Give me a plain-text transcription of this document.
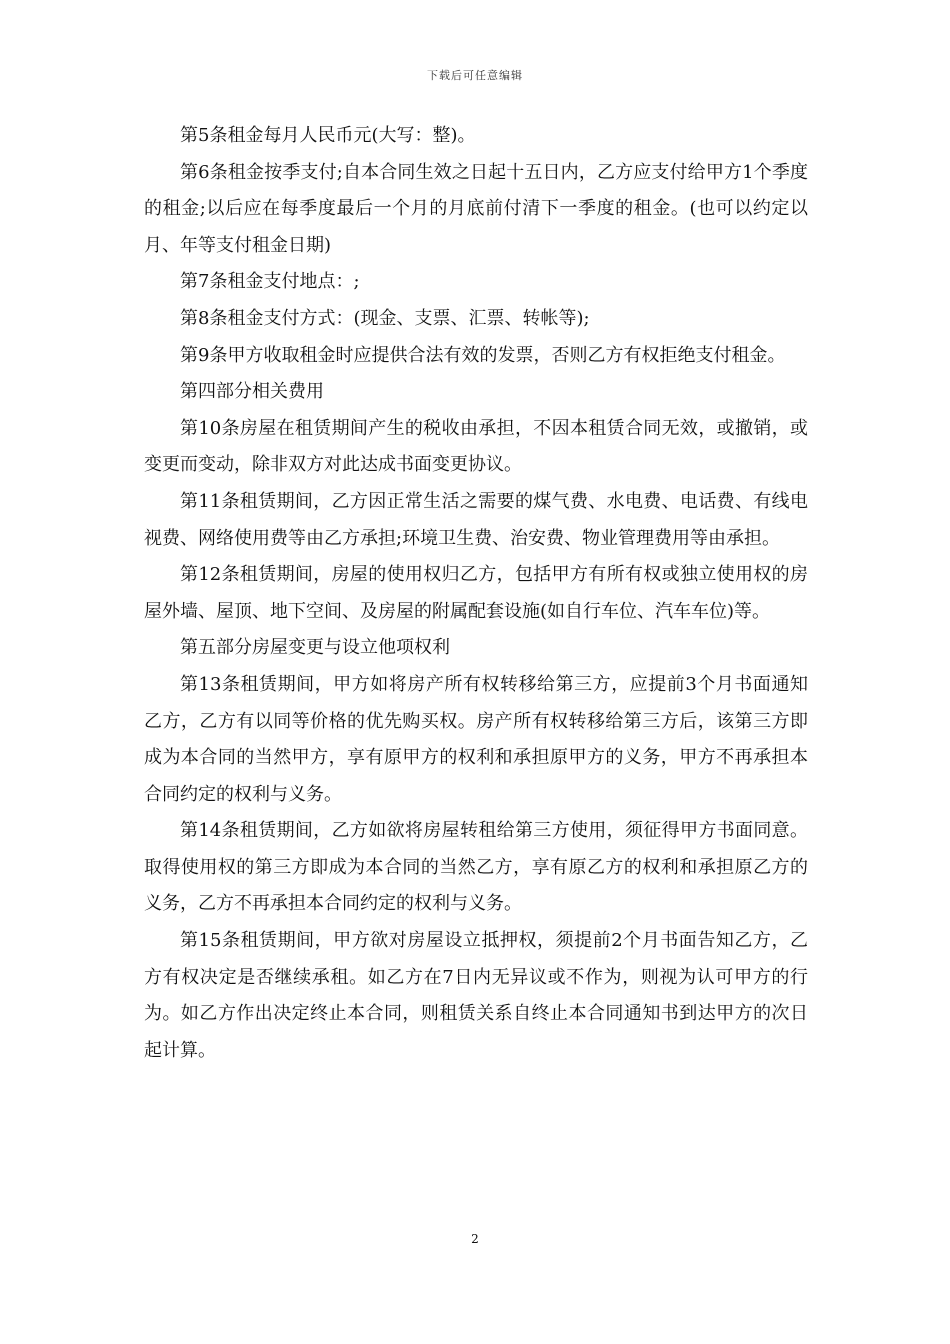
下载后可任意编辑

第5条租金每月人民币元(大写：整)。

第6条租金按季支付;自本合同生效之日起十五日内，乙方应支付给甲方1个季度的租金;以后应在每季度最后一个月的月底前付清下一季度的租金。(也可以约定以月、年等支付租金日期)

第7条租金支付地点：;

第8条租金支付方式：(现金、支票、汇票、转帐等);

第9条甲方收取租金时应提供合法有效的发票，否则乙方有权拒绝支付租金。

第四部分相关费用

第10条房屋在租赁期间产生的税收由承担，不因本租赁合同无效，或撤销，或变更而变动，除非双方对此达成书面变更协议。

第11条租赁期间，乙方因正常生活之需要的煤气费、水电费、电话费、有线电视费、网络使用费等由乙方承担;环境卫生费、治安费、物业管理费用等由承担。

第12条租赁期间，房屋的使用权归乙方，包括甲方有所有权或独立使用权的房屋外墙、屋顶、地下空间、及房屋的附属配套设施(如自行车位、汽车车位)等。

第五部分房屋变更与设立他项权利

第13条租赁期间，甲方如将房产所有权转移给第三方，应提前3个月书面通知乙方，乙方有以同等价格的优先购买权。房产所有权转移给第三方后，该第三方即成为本合同的当然甲方，享有原甲方的权利和承担原甲方的义务，甲方不再承担本合同约定的权利与义务。

第14条租赁期间，乙方如欲将房屋转租给第三方使用，须征得甲方书面同意。取得使用权的第三方即成为本合同的当然乙方，享有原乙方的权利和承担原乙方的义务，乙方不再承担本合同约定的权利与义务。

第15条租赁期间，甲方欲对房屋设立抵押权，须提前2个月书面告知乙方，乙方有权决定是否继续承租。如乙方在7日内无异议或不作为，则视为认可甲方的行为。如乙方作出决定终止本合同，则租赁关系自终止本合同通知书到达甲方的次日起计算。

2
